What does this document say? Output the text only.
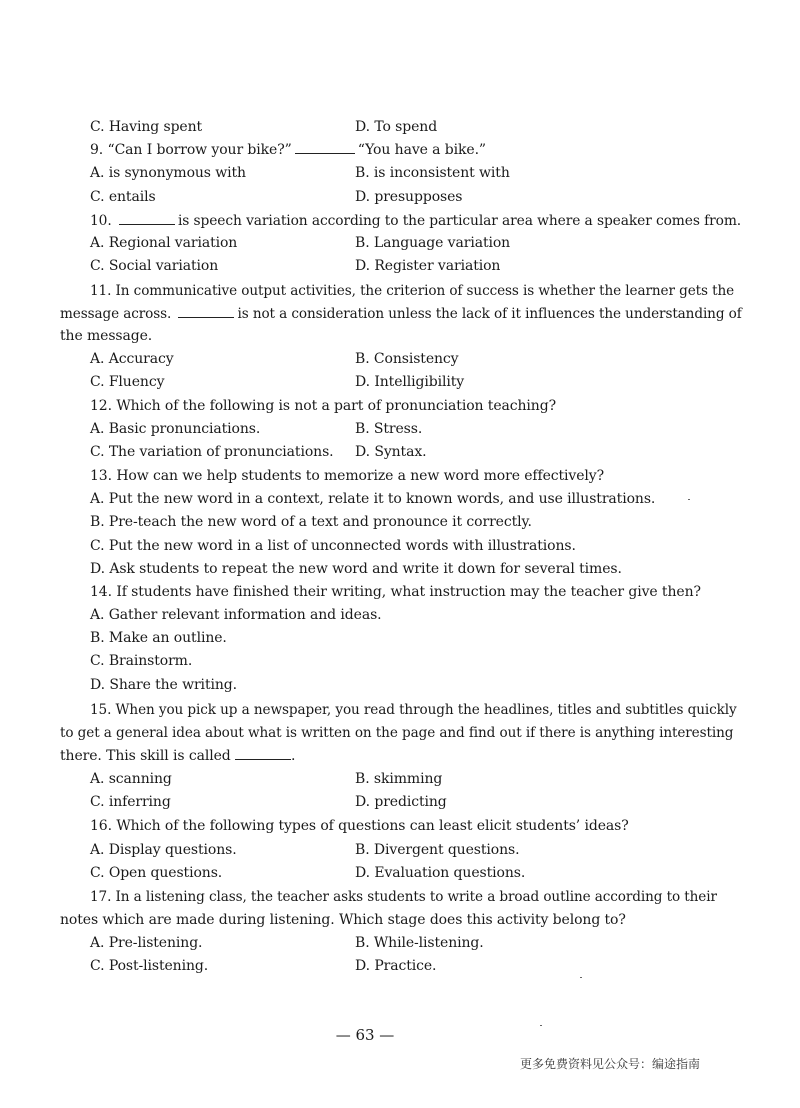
C. Having spent	D. To spend
9. “Can I borrow your bike?”	“You have a bike.”
A. is synonymous with	B. is inconsistent with
C. entails	D. presupposes
10.	is speech variation according to the particular area where a speaker comes from.
A. Regional variation	B. Language variation
C. Social variation	D. Register variation
11. In communicative output activities, the criterion of success is whether the learner gets the
message across.	is not a consideration unless the lack of it influences the understanding of
the message.
A. Accuracy	B. Consistency
C. Fluency	D. Intelligibility
12. Which of the following is not a part of pronunciation teaching?
A. Basic pronunciations.	B. Stress.
C. The variation of pronunciations. D. Syntax.
13. How can we help students to memorize a new word more effectively?
A. Put the new word in a context, relate it to known words, and use illustrations.
B. Pre-teach the new word of a text and pronounce it correctly.
C. Put the new word in a list of unconnected words with illustrations.
D. Ask students to repeat the new word and write it down for several times.
14. If students have finished their writing, what instruction may the teacher give then?
A. Gather relevant information and ideas.
B. Make an outline.
C. Brainstorm.
D. Share the writing.
15. When you pick up a newspaper, you read through the headlines, titles and subtitles quickly
to get a general idea about what is written on the page and find out if there is anything interesting
there. This skill is called	.
A. scanning	B. skimming
C. inferring	D. predicting
16. Which of the following types of questions can least elicit students’ ideas?
A. Display questions.	B. Divergent questions.
C. Open questions.	D. Evaluation questions.
17. In a listening class, the teacher asks students to write a broad outline according to their
notes which are made during listening. Which stage does this activity belong to?
A. Pre-listening.	B. While-listening.
C. Post-listening.	D. Practice.
— 63 —
更多免费资料见公众号：编途指南
